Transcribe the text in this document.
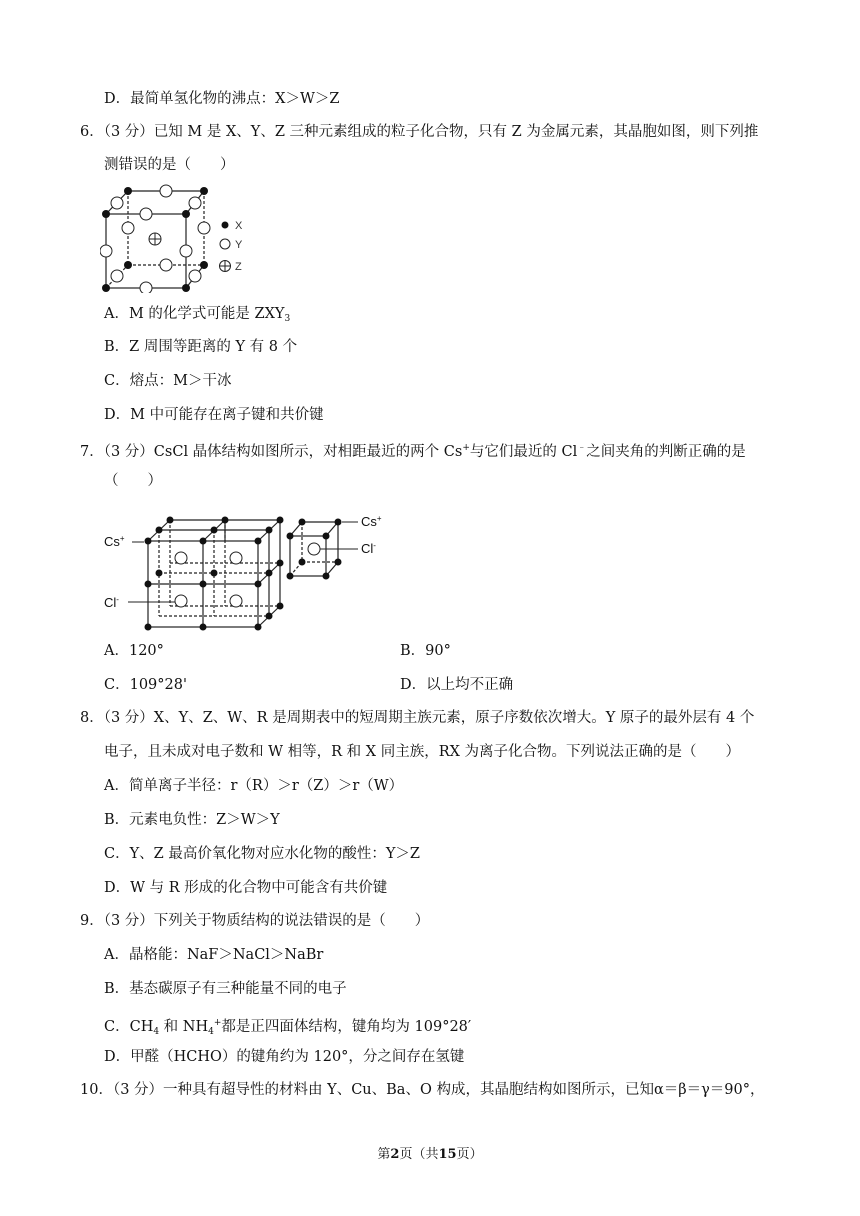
D．最简单氢化物的沸点：X＞W＞Z
6．（3 分）已知 M 是 X、Y、Z 三种元素组成的粒子化合物，只有 Z 为金属元素，其晶胞如图，则下列推
测错误的是（　　）
X
Y
Z
A．M 的化学式可能是 $ZXY_3$
B．Z 周围等距离的 Y 有 8 个
C．熔点：M＞干冰
D．M 中可能存在离子键和共价键
7．（3 分）CsCl 晶体结构如图所示，对相距最近的两个 Cs+与它们最近的 Cl﹣之间夹角的判断正确的是
（　　）
Cs+
Cl-
Cs+
Cl-
A．120°	B．90°
C．109°28'	D．以上均不正确
8．（3 分）X、Y、Z、W、R 是周期表中的短周期主族元素，原子序数依次增大。Y 原子的最外层有 4 个
电子，且未成对电子数和 W 相等，R 和 X 同主族，RX 为离子化合物。下列说法正确的是（　　）
A．简单离子半径：r（R）＞r（Z）＞r（W）
B．元素电负性：Z＞W＞Y
C．Y、Z 最高价氧化物对应水化物的酸性：Y＞Z
D．W 与 R 形成的化合物中可能含有共价键
9．（3 分）下列关于物质结构的说法错误的是（　　）
A．晶格能：NaF＞NaCl＞NaBr
B．基态碳原子有三种能量不同的电子
C．$CH_4$ 和 $NH_4^+$都是正四面体结构，键角均为 109°28′
D．甲醛（HCHO）的键角约为 120°，分之间存在氢键
10．（3 分）一种具有超导性的材料由 Y、Cu、Ba、O 构成，其晶胞结构如图所示，已知α＝β＝γ＝90°，
第2页（共15页）
